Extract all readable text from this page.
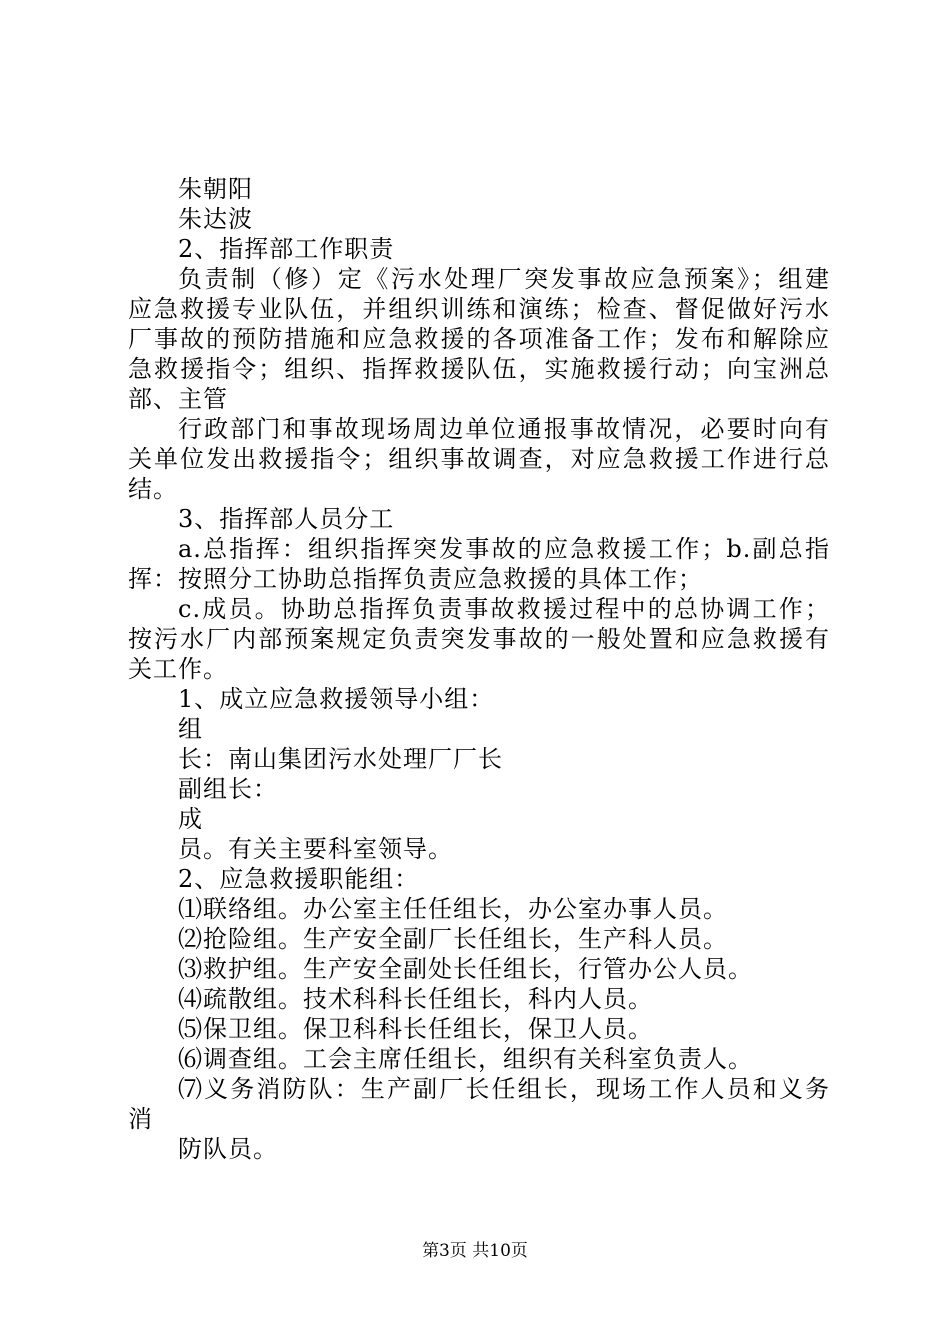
朱朝阳
朱达波
2、指挥部工作职责
负责制（修）定《污水处理厂突发事故应急预案》；组建
应急救援专业队伍，并组织训练和演练；检查、督促做好污水
厂事故的预防措施和应急救援的各项准备工作；发布和解除应
急救援指令；组织、指挥救援队伍，实施救援行动；向宝洲总
部、主管
行政部门和事故现场周边单位通报事故情况，必要时向有
关单位发出救援指令；组织事故调查，对应急救援工作进行总
结。
3、指挥部人员分工
a.总指挥：组织指挥突发事故的应急救援工作；b.副总指
挥：按照分工协助总指挥负责应急救援的具体工作；
c.成员。协助总指挥负责事故救援过程中的总协调工作；
按污水厂内部预案规定负责突发事故的一般处置和应急救援有
关工作。
1、成立应急救援领导小组：
组
长：南山集团污水处理厂厂长
副组长：
成
员。有关主要科室领导。
2、应急救援职能组：
⑴联络组。办公室主任任组长，办公室办事人员。
⑵抢险组。生产安全副厂长任组长，生产科人员。
⑶救护组。生产安全副处长任组长，行管办公人员。
⑷疏散组。技术科科长任组长，科内人员。
⑸保卫组。保卫科科长任组长，保卫人员。
⑹调查组。工会主席任组长，组织有关科室负责人。
⑺义务消防队：生产副厂长任组长，现场工作人员和义务
消
防队员。
第3页 共10页
